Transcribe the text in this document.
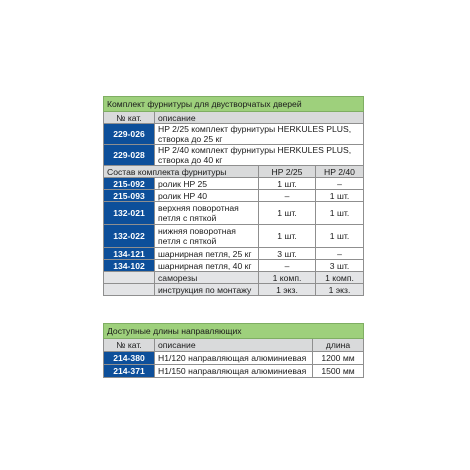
Комплект фурнитуры для двустворчатых дверей			
№ кат.	описание		
229-026	HP 2/25 комплект фурнитуры HERKULES PLUS,
створка до 25 кг		
229-028	HP 2/40 комплект фурнитуры HERKULES PLUS,
створка до 40 кг		
Состав комплекта фурнитуры		HP 2/25	HP 2/40
215-092	ролик HP 25	1 шт.	–
215-093	ролик HP 40	–	1 шт.
132-021	верхняя поворотная
петля с пяткой	1 шт.	1 шт.
132-022	нижняя поворотная
петля с пяткой	1 шт.	1 шт.
134-121	шарнирная петля, 25 кг	3 шт.	–
134-102	шарнирная петля, 40 кг	–	3 шт.
	саморезы	1 комп.	1 комп.
	инструкция по монтажу	1 экз.	1 экз.
Доступные длины направляющих		
№ кат.	описание	длина
214-380	H1/120 направляющая алюминиевая	1200 мм
214-371	H1/150 направляющая алюминиевая	1500 мм
